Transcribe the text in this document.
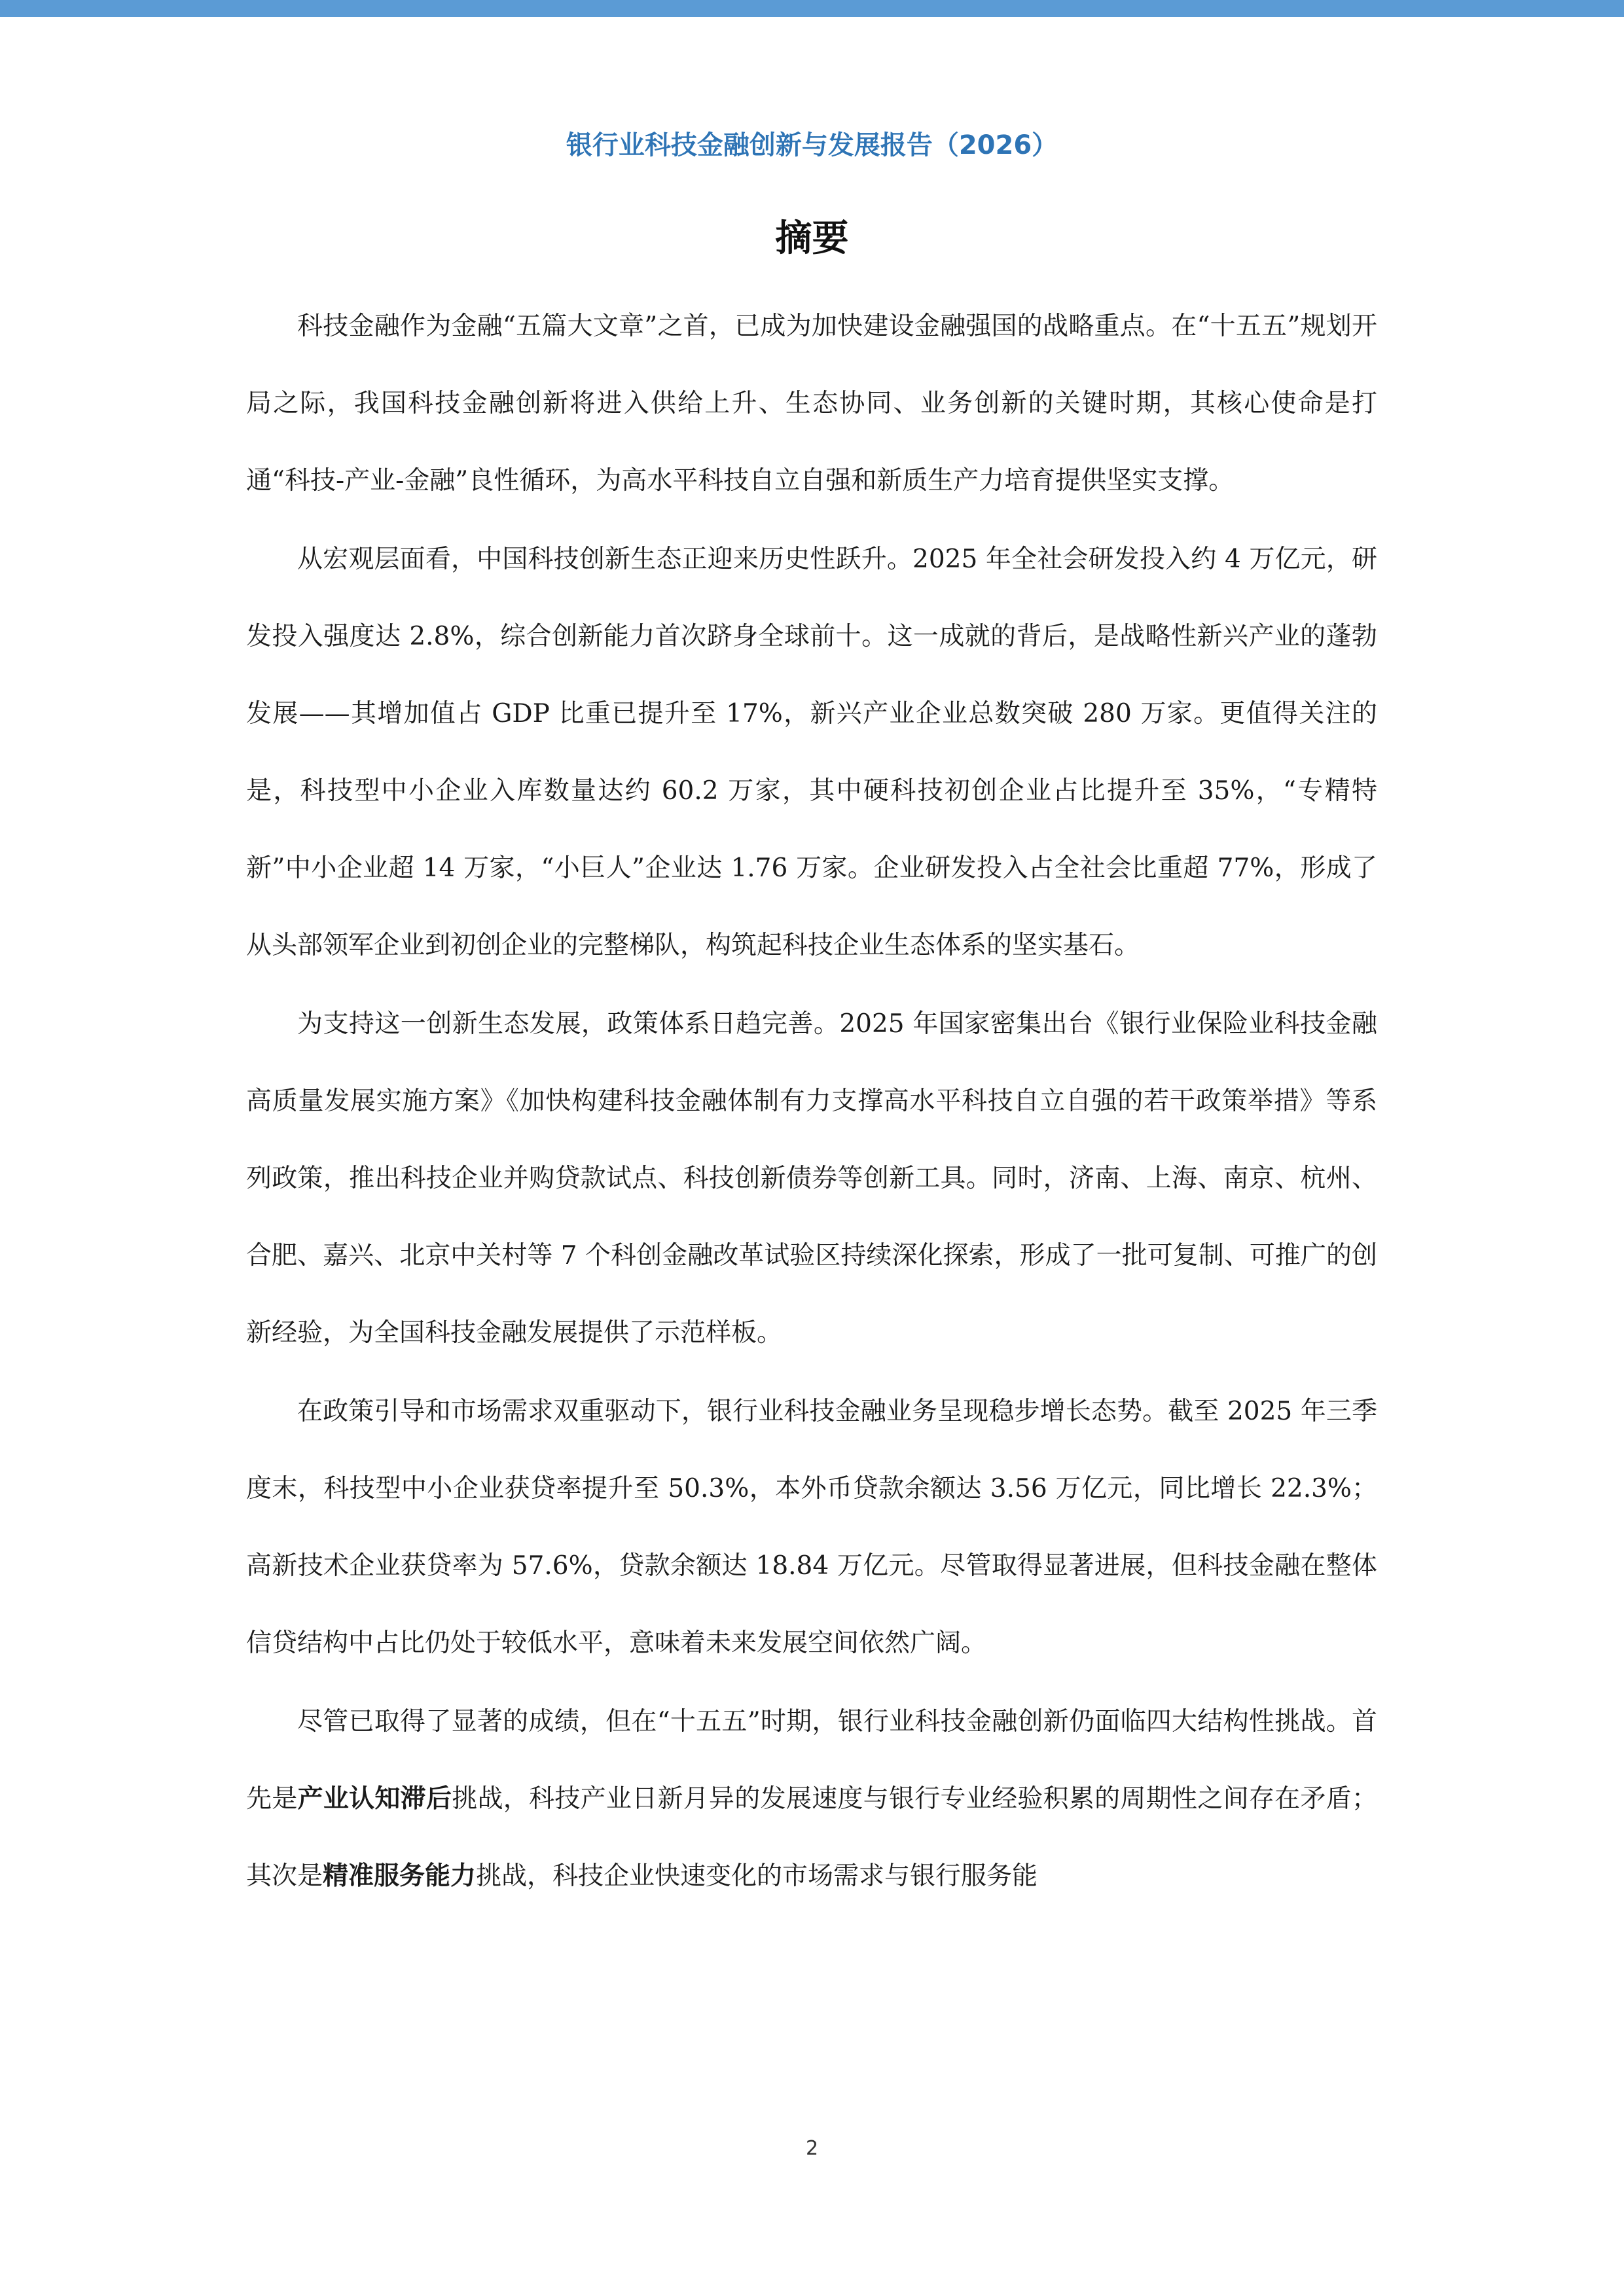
银行业科技金融创新与发展报告（2026）
摘要

科技金融作为金融“五篇大文章”之首，已成为加快建设金融强国的战略重点。在“十五五”规划开局之际，我国科技金融创新将进入供给上升、生态协同、业务创新的关键时期，其核心使命是打通“科技-产业-金融”良性循环，为高水平科技自立自强和新质生产力培育提供坚实支撑。

从宏观层面看，中国科技创新生态正迎来历史性跃升。2025 年全社会研发投入约 4 万亿元，研发投入强度达 2.8%，综合创新能力首次跻身全球前十。这一成就的背后，是战略性新兴产业的蓬勃发展——其增加值占 GDP 比重已提升至 17%，新兴产业企业总数突破 280 万家。更值得关注的是，科技型中小企业入库数量达约 60.2 万家，其中硬科技初创企业占比提升至 35%，“专精特新”中小企业超 14 万家，“小巨人”企业达 1.76 万家。企业研发投入占全社会比重超 77%，形成了从头部领军企业到初创企业的完整梯队，构筑起科技企业生态体系的坚实基石。

为支持这一创新生态发展，政策体系日趋完善。2025 年国家密集出台《银行业保险业科技金融高质量发展实施方案》《加快构建科技金融体制有力支撑高水平科技自立自强的若干政策举措》等系列政策，推出科技企业并购贷款试点、科技创新债券等创新工具。同时，济南、上海、南京、杭州、合肥、嘉兴、北京中关村等 7 个科创金融改革试验区持续深化探索，形成了一批可复制、可推广的创新经验，为全国科技金融发展提供了示范样板。

在政策引导和市场需求双重驱动下，银行业科技金融业务呈现稳步增长态势。截至 2025 年三季度末，科技型中小企业获贷率提升至 50.3%，本外币贷款余额达 3.56 万亿元，同比增长 22.3%；高新技术企业获贷率为 57.6%，贷款余额达 18.84 万亿元。尽管取得显著进展，但科技金融在整体信贷结构中占比仍处于较低水平，意味着未来发展空间依然广阔。

尽管已取得了显著的成绩，但在“十五五”时期，银行业科技金融创新仍面临四大结构性挑战。首先是产业认知滞后挑战，科技产业日新月异的发展速度与银行专业经验积累的周期性之间存在矛盾；其次是精准服务能力挑战，科技企业快速变化的市场需求与银行服务能

2
